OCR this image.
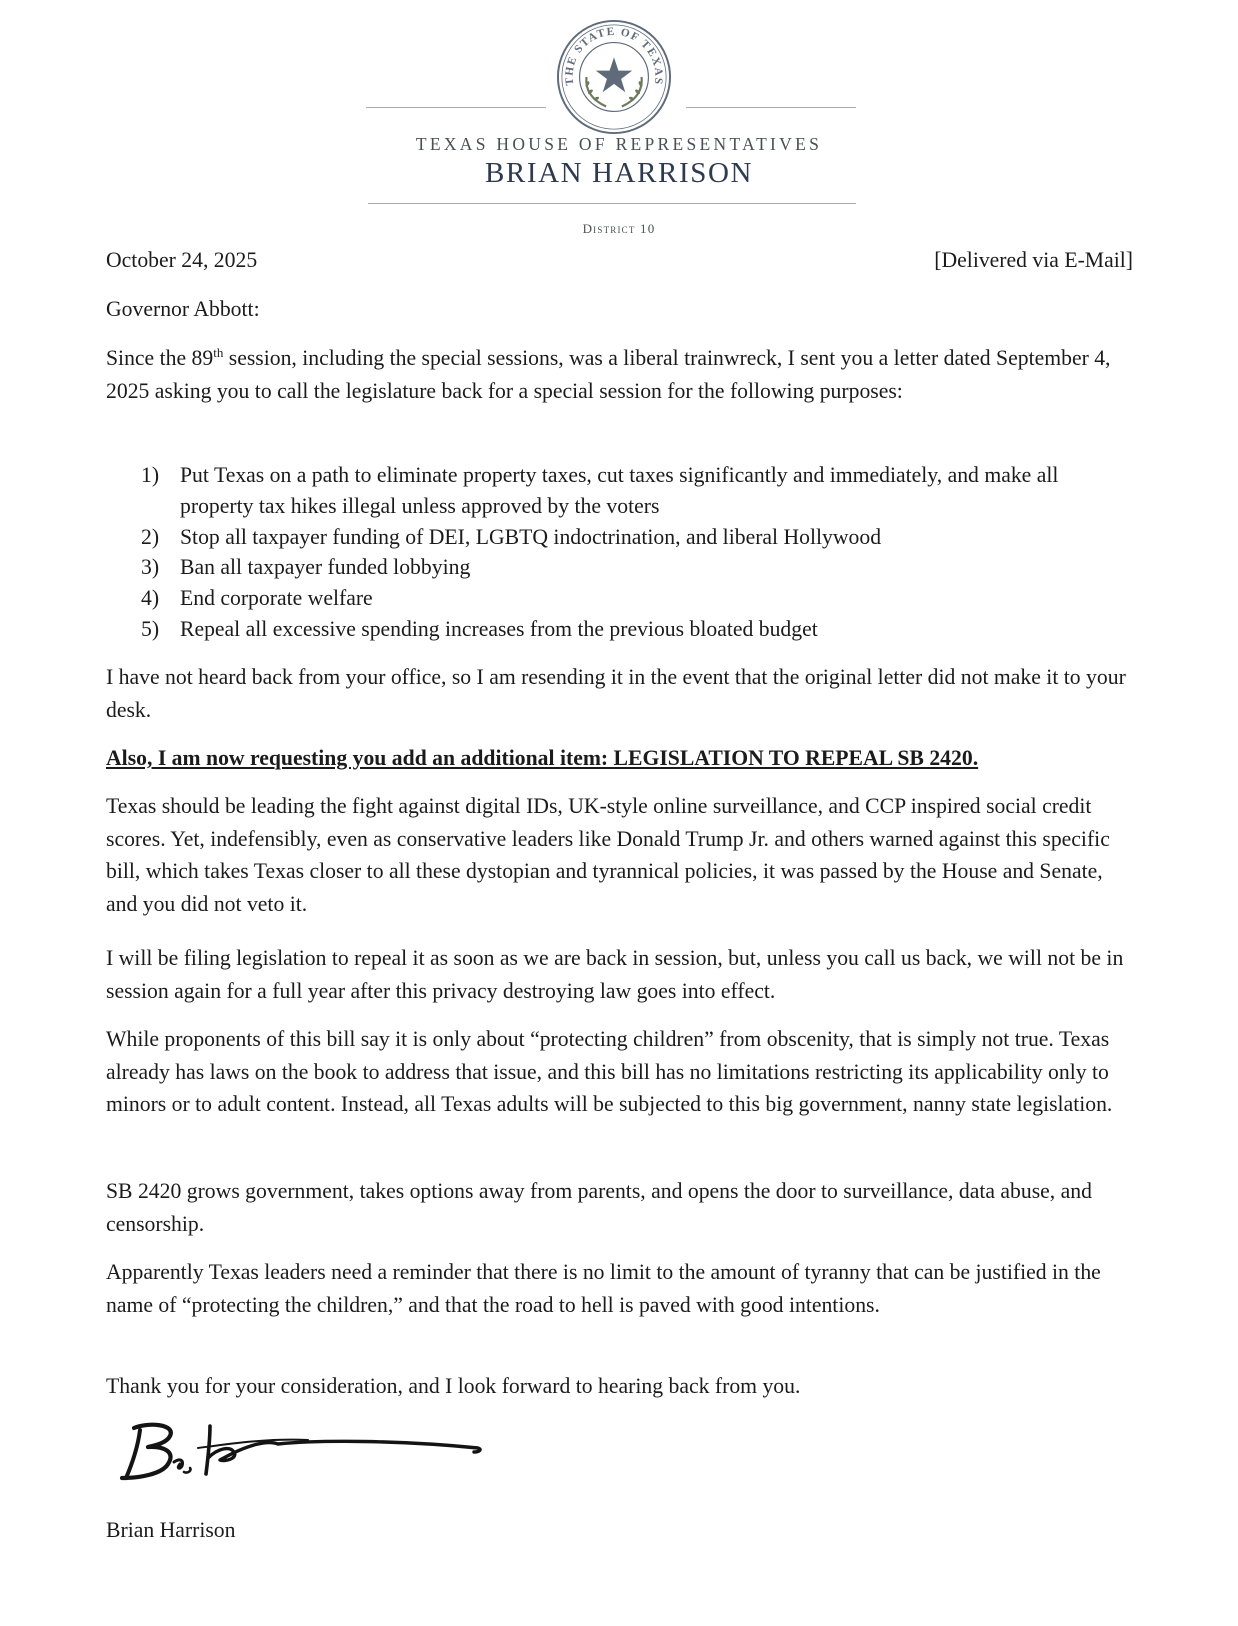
THE STATE OF TEXAS
TEXAS HOUSE OF REPRESENTATIVES
BRIAN HARRISON
District 10
October 24, 2025	[Delivered via E-Mail]
Governor Abbott:
Since the 89th session, including the special sessions, was a liberal trainwreck, I sent you a letter dated September 4, 2025 asking you to call the legislature back for a special session for the following purposes:
1) Put Texas on a path to eliminate property taxes, cut taxes significantly and immediately, and make all property tax hikes illegal unless approved by the voters
2) Stop all taxpayer funding of DEI, LGBTQ indoctrination, and liberal Hollywood
3) Ban all taxpayer funded lobbying
4) End corporate welfare
5) Repeal all excessive spending increases from the previous bloated budget
I have not heard back from your office, so I am resending it in the event that the original letter did not make it to your desk.
Also, I am now requesting you add an additional item: LEGISLATION TO REPEAL SB 2420.
Texas should be leading the fight against digital IDs, UK-style online surveillance, and CCP inspired social credit scores. Yet, indefensibly, even as conservative leaders like Donald Trump Jr. and others warned against this specific bill, which takes Texas closer to all these dystopian and tyrannical policies, it was passed by the House and Senate, and you did not veto it.
I will be filing legislation to repeal it as soon as we are back in session, but, unless you call us back, we will not be in session again for a full year after this privacy destroying law goes into effect.
While proponents of this bill say it is only about “protecting children” from obscenity, that is simply not true. Texas already has laws on the book to address that issue, and this bill has no limitations restricting its applicability only to minors or to adult content. Instead, all Texas adults will be subjected to this big government, nanny state legislation.
SB 2420 grows government, takes options away from parents, and opens the door to surveillance, data abuse, and censorship.
Apparently Texas leaders need a reminder that there is no limit to the amount of tyranny that can be justified in the name of “protecting the children,” and that the road to hell is paved with good intentions.
Thank you for your consideration, and I look forward to hearing back from you.
Brian Harrison
